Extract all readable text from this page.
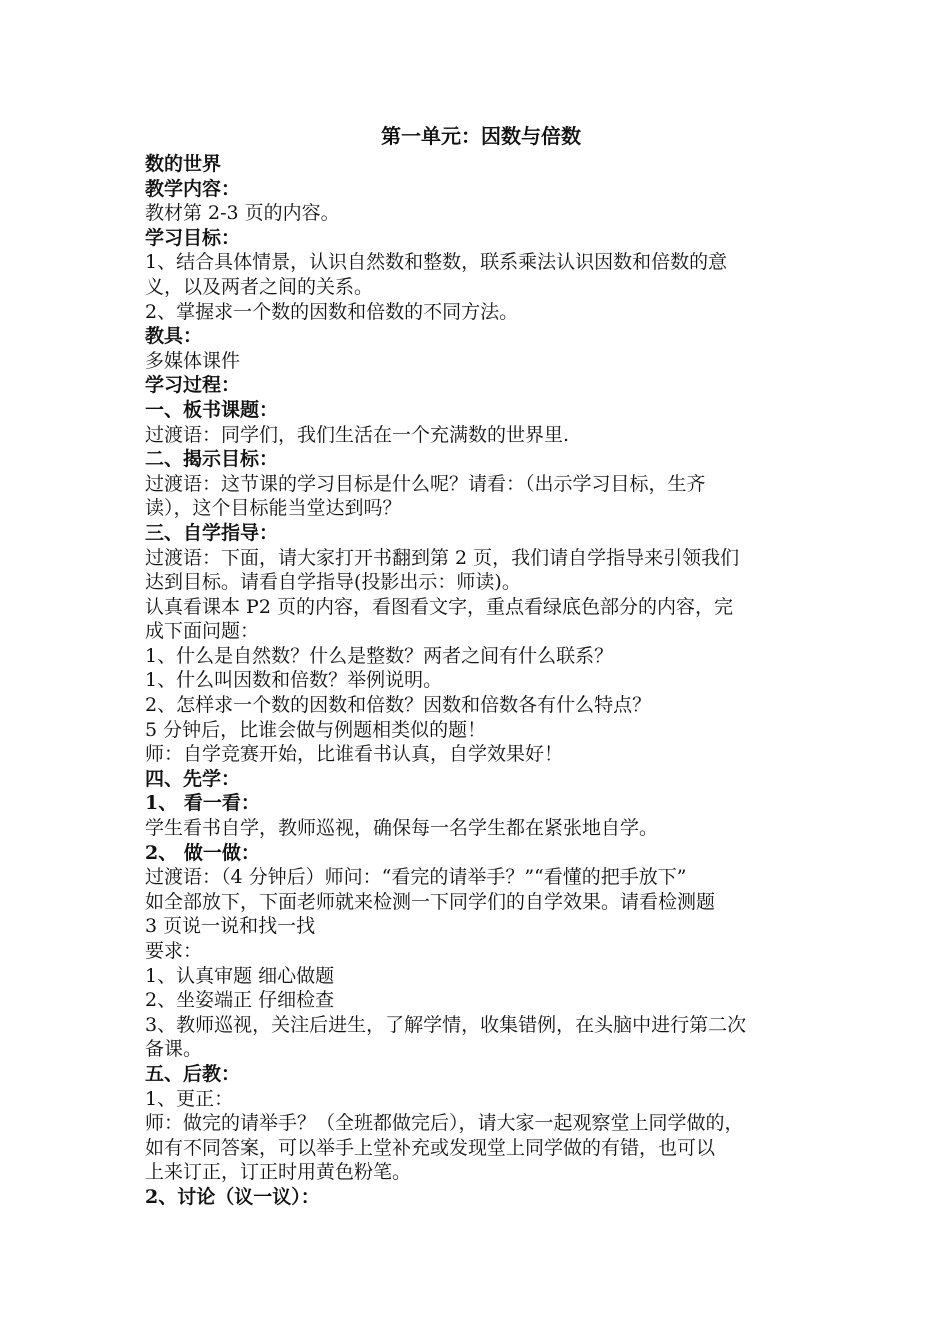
第一单元：因数与倍数
数的世界
教学内容：
教材第 2-3 页的内容。
学习目标：
1、结合具体情景，认识自然数和整数，联系乘法认识因数和倍数的意
义，以及两者之间的关系。
2、掌握求一个数的因数和倍数的不同方法。
教具：
多媒体课件
学习过程：
一、板书课题：
过渡语：同学们，我们生活在一个充满数的世界里.
二、揭示目标：
过渡语：这节课的学习目标是什么呢？请看：（出示学习目标，生齐
读），这个目标能当堂达到吗？
三、自学指导：
过渡语：下面，请大家打开书翻到第 2 页，我们请自学指导来引领我们
达到目标。请看自学指导(投影出示：师读)。
认真看课本 P2 页的内容，看图看文字，重点看绿底色部分的内容，完
成下面问题：
1、什么是自然数？什么是整数？两者之间有什么联系？
1、什么叫因数和倍数？举例说明。
2、怎样求一个数的因数和倍数？因数和倍数各有什么特点？
5 分钟后，比谁会做与例题相类似的题！
师：自学竞赛开始，比谁看书认真，自学效果好！
四、先学：
1、 看一看：
学生看书自学，教师巡视，确保每一名学生都在紧张地自学。
2、 做一做：
过渡语：（4 分钟后）师问：“看完的请举手？”“看懂的把手放下”
如全部放下，下面老师就来检测一下同学们的自学效果。请看检测题
3 页说一说和找一找
要求：
1、认真审题 细心做题
2、坐姿端正 仔细检查
3、教师巡视，关注后进生，了解学情，收集错例，在头脑中进行第二次
备课。
五、后教：
1、更正：
师：做完的请举手？（全班都做完后），请大家一起观察堂上同学做的，
如有不同答案，可以举手上堂补充或发现堂上同学做的有错，也可以
上来订正，订正时用黄色粉笔。
2、讨论（议一议）：
